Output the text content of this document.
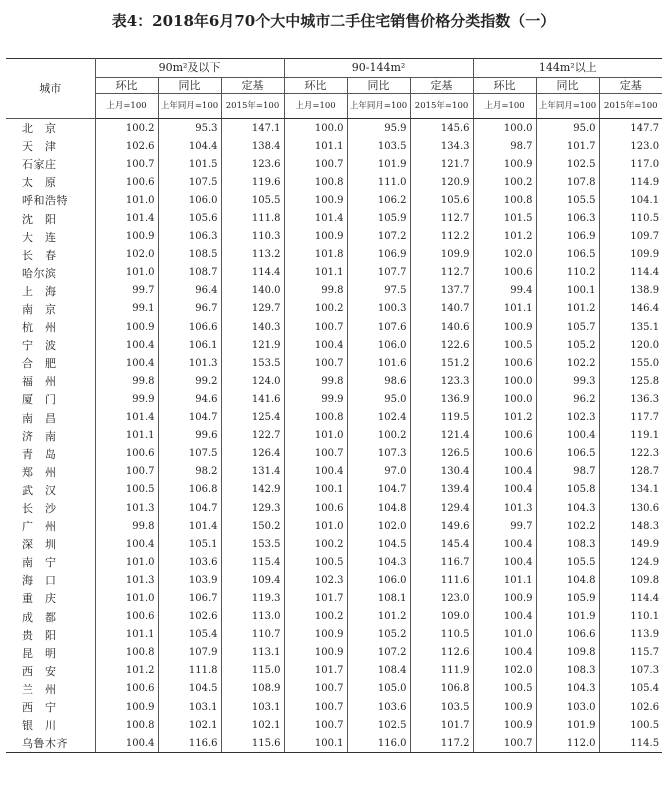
表4：2018年6月70个大中城市二手住宅销售价格分类指数（一）
城市	90m²及以下			90-144m²			144m²以上		
	环比	同比	定基	环比	同比	定基	环比	同比	定基
	上月=100	上年同月=100	2015年=100	上月=100	上年同月=100	2015年=100	上月=100	上年同月=100	2015年=100
北　京	100.2	95.3	147.1	100.0	95.9	145.6	100.0	95.0	147.7
天　津	102.6	104.4	138.4	101.1	103.5	134.3	98.7	101.7	123.0
石家庄	100.7	101.5	123.6	100.7	101.9	121.7	100.9	102.5	117.0
太　原	100.6	107.5	119.6	100.8	111.0	120.9	100.2	107.8	114.9
呼和浩特	101.0	106.0	105.5	100.9	106.2	105.6	100.8	105.5	104.1
沈　阳	101.4	105.6	111.8	101.4	105.9	112.7	101.5	106.3	110.5
大　连	100.9	106.3	110.3	100.9	107.2	112.2	101.2	106.9	109.7
长　春	102.0	108.5	113.2	101.8	106.9	109.9	102.0	106.5	109.9
哈尔滨	101.0	108.7	114.4	101.1	107.7	112.7	100.6	110.2	114.4
上　海	99.7	96.4	140.0	99.8	97.5	137.7	99.4	100.1	138.9
南　京	99.1	96.7	129.7	100.2	100.3	140.7	101.1	101.2	146.4
杭　州	100.9	106.6	140.3	100.7	107.6	140.6	100.9	105.7	135.1
宁　波	100.4	106.1	121.9	100.4	106.0	122.6	100.5	105.2	120.0
合　肥	100.4	101.3	153.5	100.7	101.6	151.2	100.6	102.2	155.0
福　州	99.8	99.2	124.0	99.8	98.6	123.3	100.0	99.3	125.8
厦　门	99.9	94.6	141.6	99.9	95.0	136.9	100.0	96.2	136.3
南　昌	101.4	104.7	125.4	100.8	102.4	119.5	101.2	102.3	117.7
济　南	101.1	99.6	122.7	101.0	100.2	121.4	100.6	100.4	119.1
青　岛	100.6	107.5	126.4	100.7	107.3	126.5	100.6	106.5	122.3
郑　州	100.7	98.2	131.4	100.4	97.0	130.4	100.4	98.7	128.7
武　汉	100.5	106.8	142.9	100.1	104.7	139.4	100.4	105.8	134.1
长　沙	101.3	104.7	129.3	100.6	104.8	129.4	101.3	104.3	130.6
广　州	99.8	101.4	150.2	101.0	102.0	149.6	99.7	102.2	148.3
深　圳	100.4	105.1	153.5	100.2	104.5	145.4	100.4	108.3	149.9
南　宁	101.0	103.6	115.4	100.5	104.3	116.7	100.4	105.5	124.9
海　口	101.3	103.9	109.4	102.3	106.0	111.6	101.1	104.8	109.8
重　庆	101.0	106.7	119.3	101.7	108.1	123.0	100.9	105.9	114.4
成　都	100.6	102.6	113.0	100.2	101.2	109.0	100.4	101.9	110.1
贵　阳	101.1	105.4	110.7	100.9	105.2	110.5	101.0	106.6	113.9
昆　明	100.8	107.9	113.1	100.9	107.2	112.6	100.4	109.8	115.7
西　安	101.2	111.8	115.0	101.7	108.4	111.9	102.0	108.3	107.3
兰　州	100.6	104.5	108.9	100.7	105.0	106.8	100.5	104.3	105.4
西　宁	100.9	103.1	103.1	100.7	103.6	103.5	100.9	103.0	102.6
银　川	100.8	102.1	102.1	100.7	102.5	101.7	100.9	101.9	100.5
乌鲁木齐	100.4	116.6	115.6	100.1	116.0	117.2	100.7	112.0	114.5
